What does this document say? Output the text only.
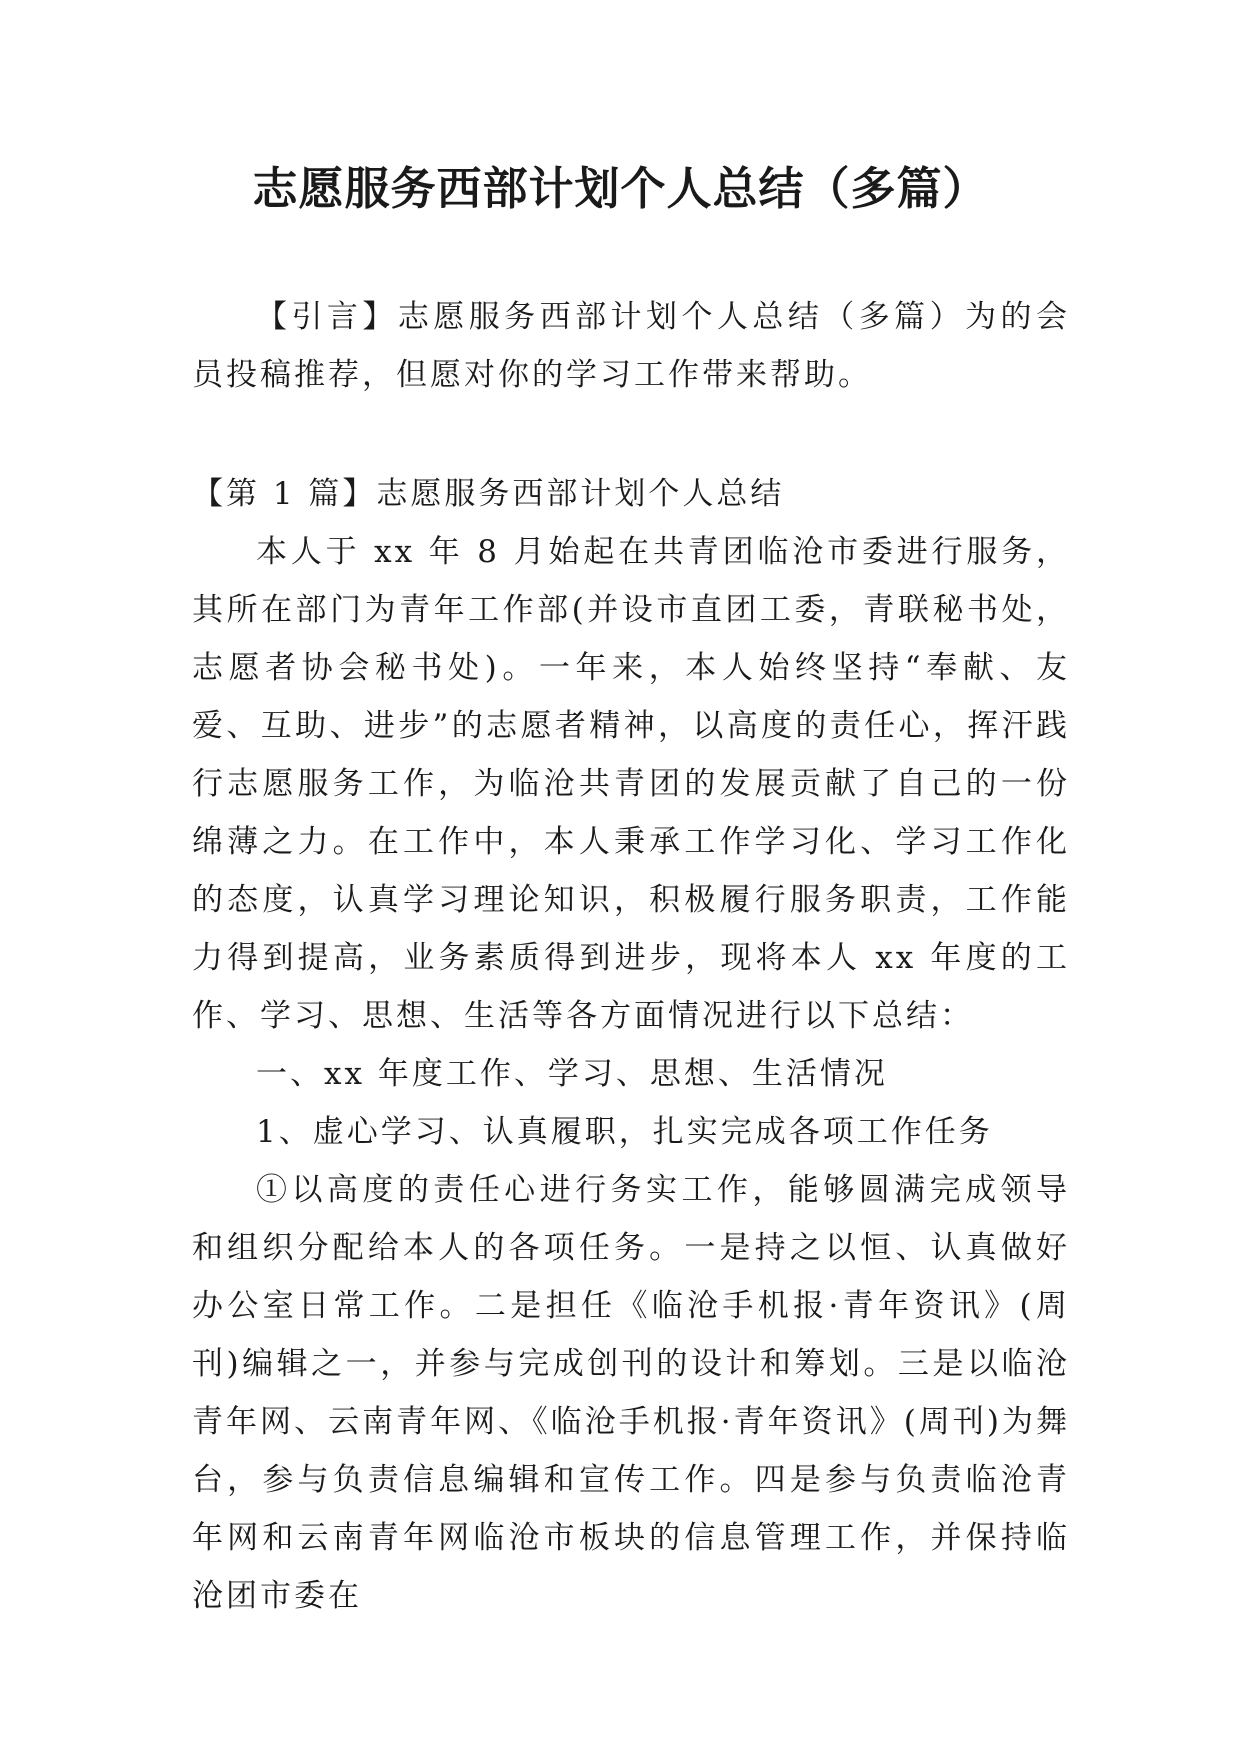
志愿服务西部计划个人总结（多篇）

【引言】志愿服务西部计划个人总结（多篇）为的会员投稿推荐，但愿对你的学习工作带来帮助。

【第 1 篇】志愿服务西部计划个人总结

本人于 xx 年 8 月始起在共青团临沧市委进行服务，其所在部门为青年工作部(并设市直团工委，青联秘书处，志愿者协会秘书处)。一年来，本人始终坚持“奉献、友爱、互助、进步”的志愿者精神，以高度的责任心，挥汗践行志愿服务工作，为临沧共青团的发展贡献了自己的一份绵薄之力。在工作中，本人秉承工作学习化、学习工作化的态度，认真学习理论知识，积极履行服务职责，工作能力得到提高，业务素质得到进步，现将本人 xx 年度的工作、学习、思想、生活等各方面情况进行以下总结：

一、xx 年度工作、学习、思想、生活情况

1、虚心学习、认真履职，扎实完成各项工作任务

①以高度的责任心进行务实工作，能够圆满完成领导和组织分配给本人的各项任务。一是持之以恒、认真做好办公室日常工作。二是担任《临沧手机报·青年资讯》(周刊)编辑之一，并参与完成创刊的设计和筹划。三是以临沧青年网、云南青年网、《临沧手机报·青年资讯》(周刊)为舞台，参与负责信息编辑和宣传工作。四是参与负责临沧青年网和云南青年网临沧市板块的信息管理工作，并保持临沧团市委在
